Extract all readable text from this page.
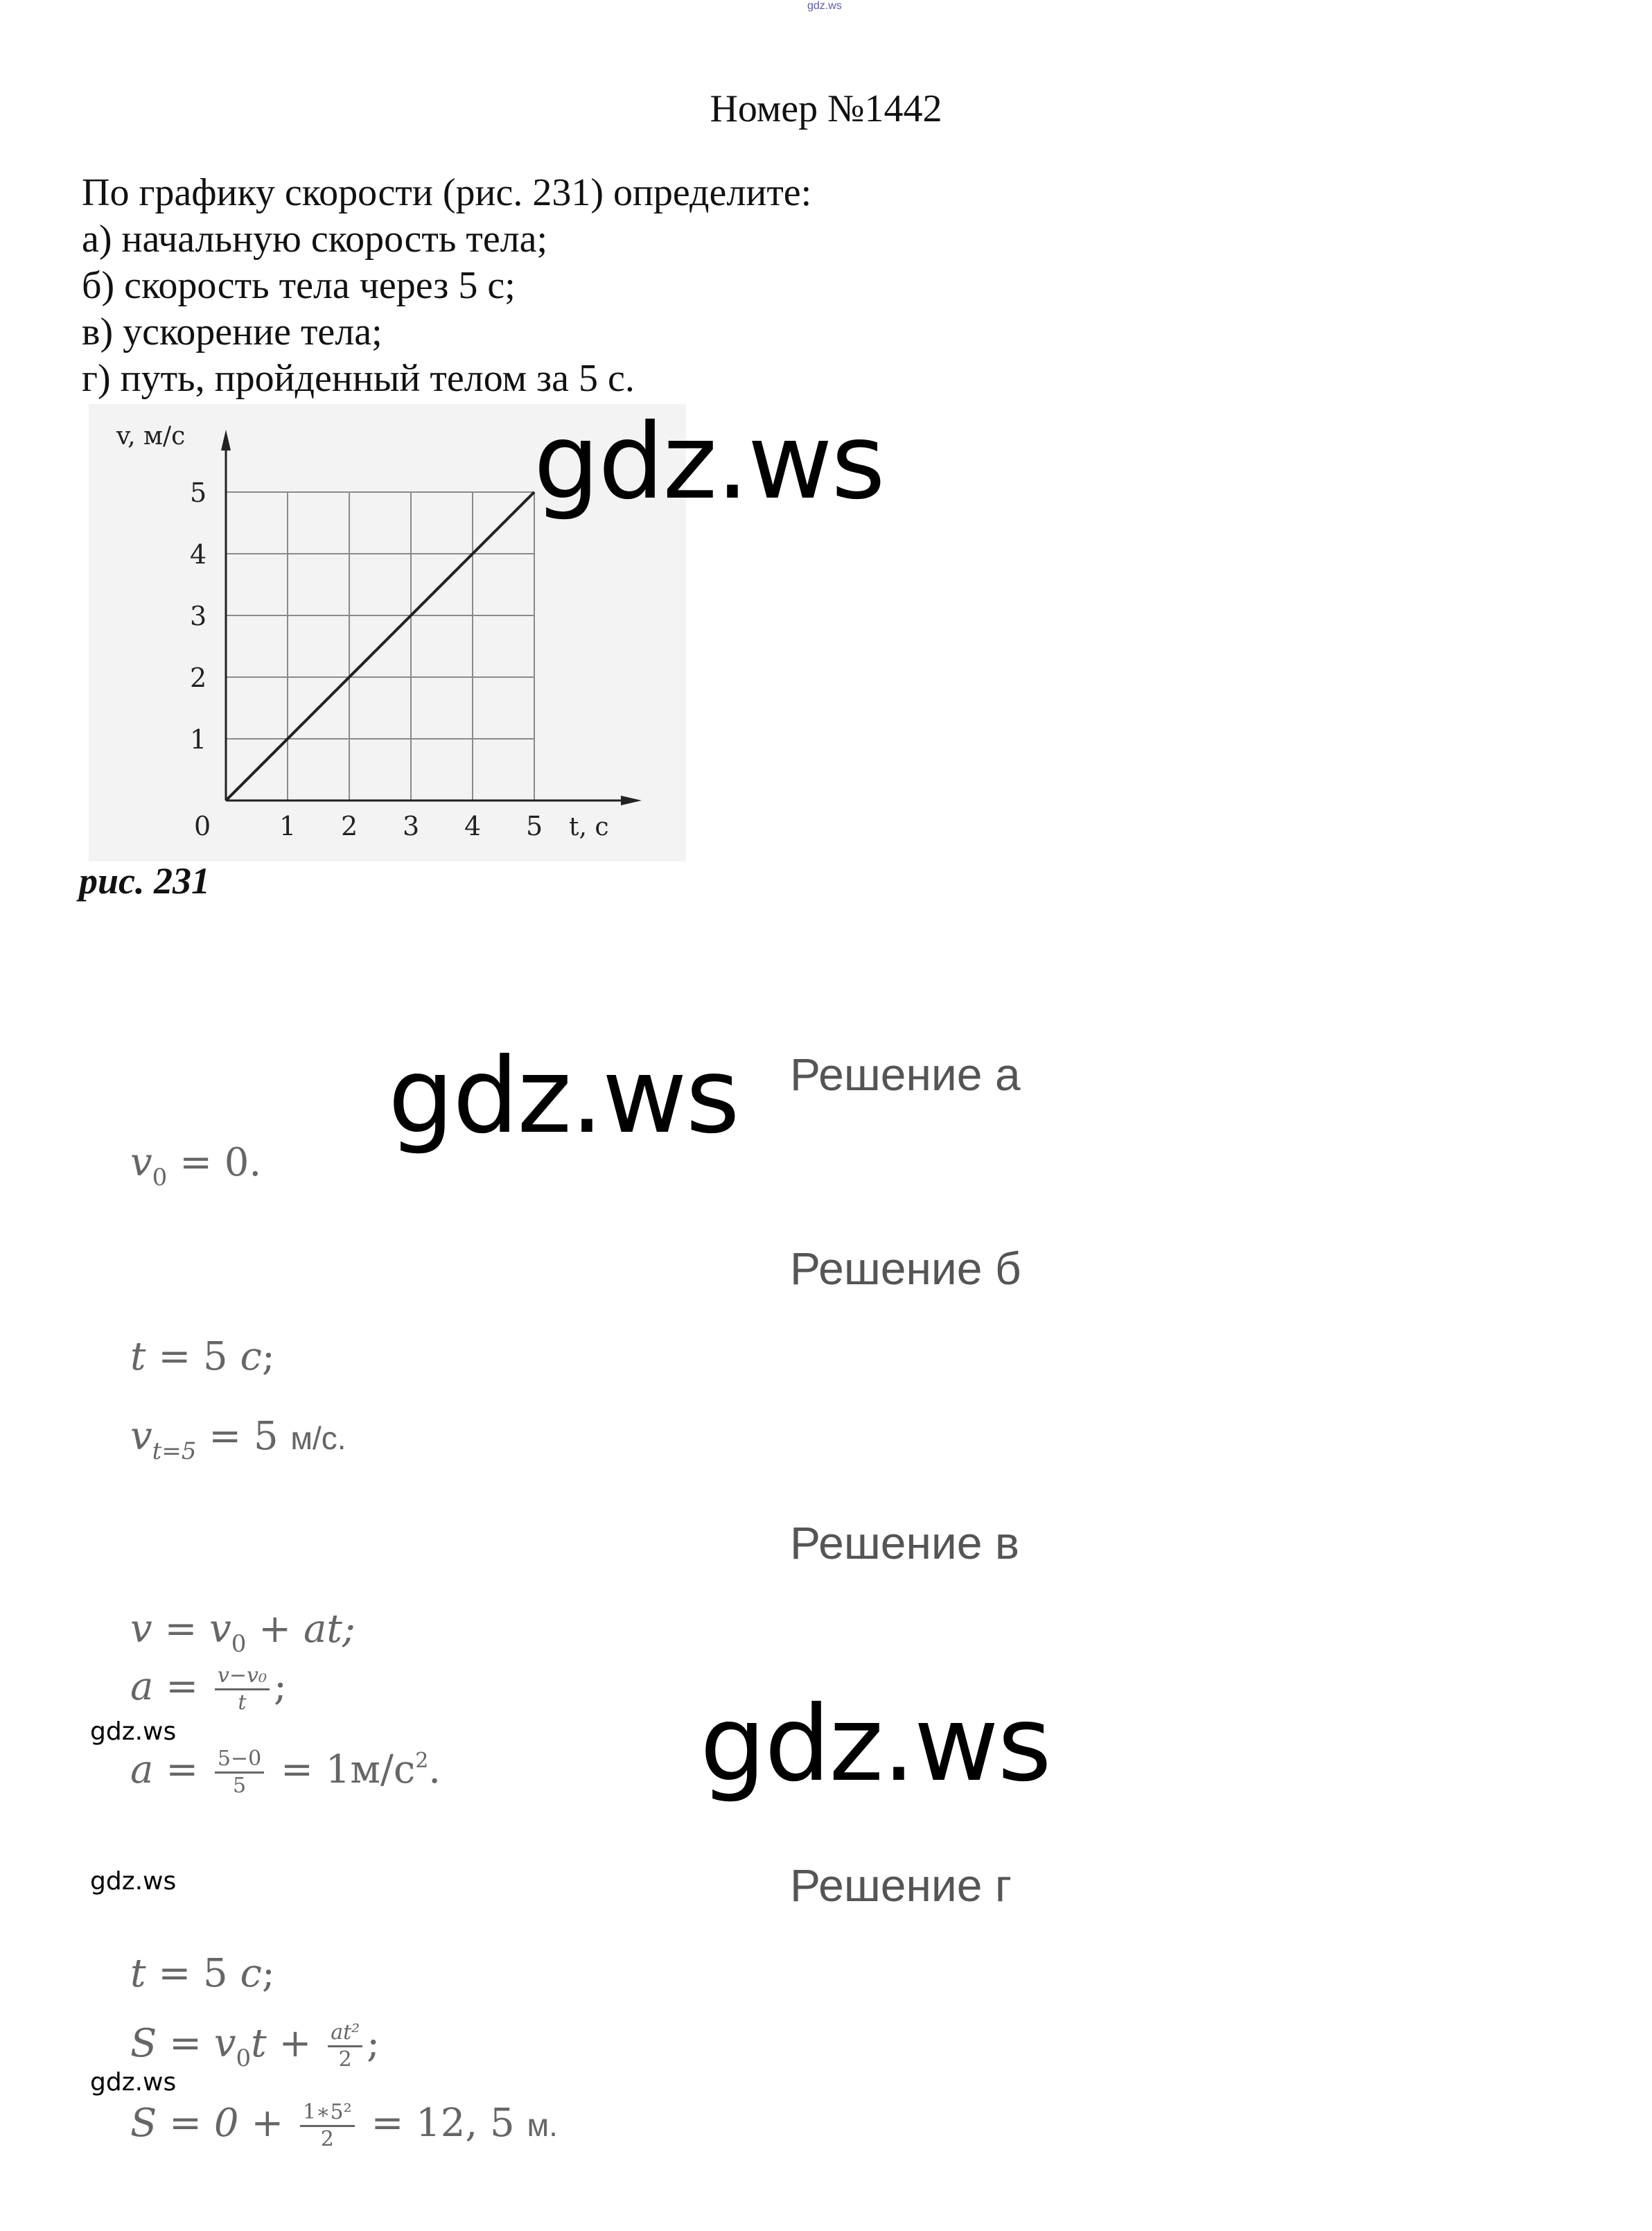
gdz.ws
Номер №1442
По графику скорости (рис. 231) определите:
а) начальную скорость тела;
б) скорость тела через 5 с;
в) ускорение тела;
г) путь, пройденный телом за 5 с.
0	1 2 3 4 5
1
2
3
4
5
v, м/с
t, с
рис. 231
gdz.ws
gdz.ws
gdz.ws
gdz.ws
gdz.ws
gdz.ws
Решение а
Решение б
Решение в
Решение г
$v_0 = 0$.
t = 5 c;
$v_{t=5} = 5$ м/с.
$v = v_0$ + at;
$a = \frac{\text{v−v₀}}{t}$ ;
$a = \frac{5-0}{5} = 1м/с^2$.
t = 5 c;
$S = v_0t + \frac{\text{at²}}{2}$ ;
$S = 0 + \frac{\text{1∗5²}}{2} = 12$, 5 м.
